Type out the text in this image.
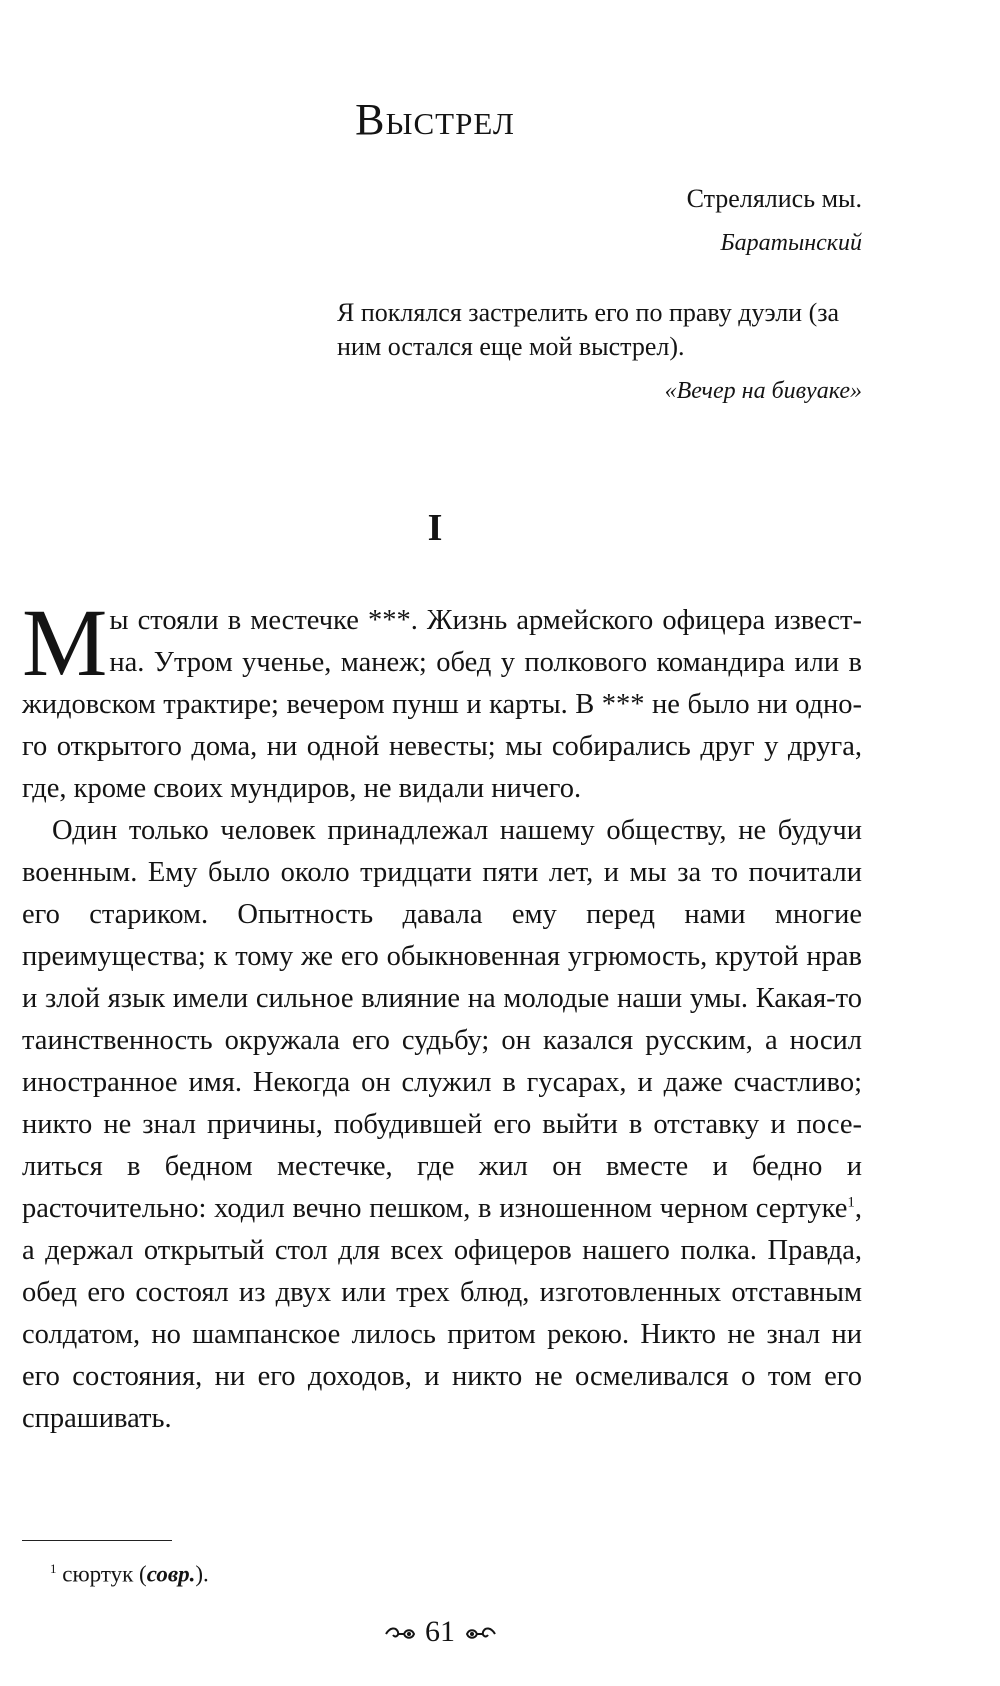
Выстрел
Стрелялись мы.
Баратынский
Я поклялся застрелить его по праву дуэли (за ним остался еще мой выстрел).
«Вечер на бивуаке»
I

Мы стояли в местечке ***. Жизнь армейского офицера известна. Утром ученье, манеж; обед у полкового командира или в жидовском трактире; вечером пунш и карты. В *** не было ни одного открытого дома, ни одной невесты; мы собирались друг у друга, где, кроме своих мундиров, не видали ничего.

Один только человек принадлежал нашему обществу, не будучи военным. Ему было около тридцати пяти лет, и мы за то почитали его стариком. Опытность давала ему перед нами многие преимущества; к тому же его обыкновенная угрюмость, крутой нрав и злой язык имели сильное влияние на молодые наши умы. Какая-то таинственность окружала его судьбу; он казался русским, а носил иностранное имя. Некогда он служил в гусарах, и даже счастливо; никто не знал причины, побудившей его выйти в отставку и поселиться в бедном местечке, где жил он вместе и бедно и расточительно: ходил вечно пешком, в изношенном черном сертуке$^1$, а держал открытый стол для всех офицеров нашего полка. Правда, обед его состоял из двух или трех блюд, изготовленных отставным солдатом, но шампанское лилось притом рекою. Никто не знал ни его состояния, ни его доходов, и никто не осмеливался о том его спрашивать.

$^1$ сюртук (совр.).
61
